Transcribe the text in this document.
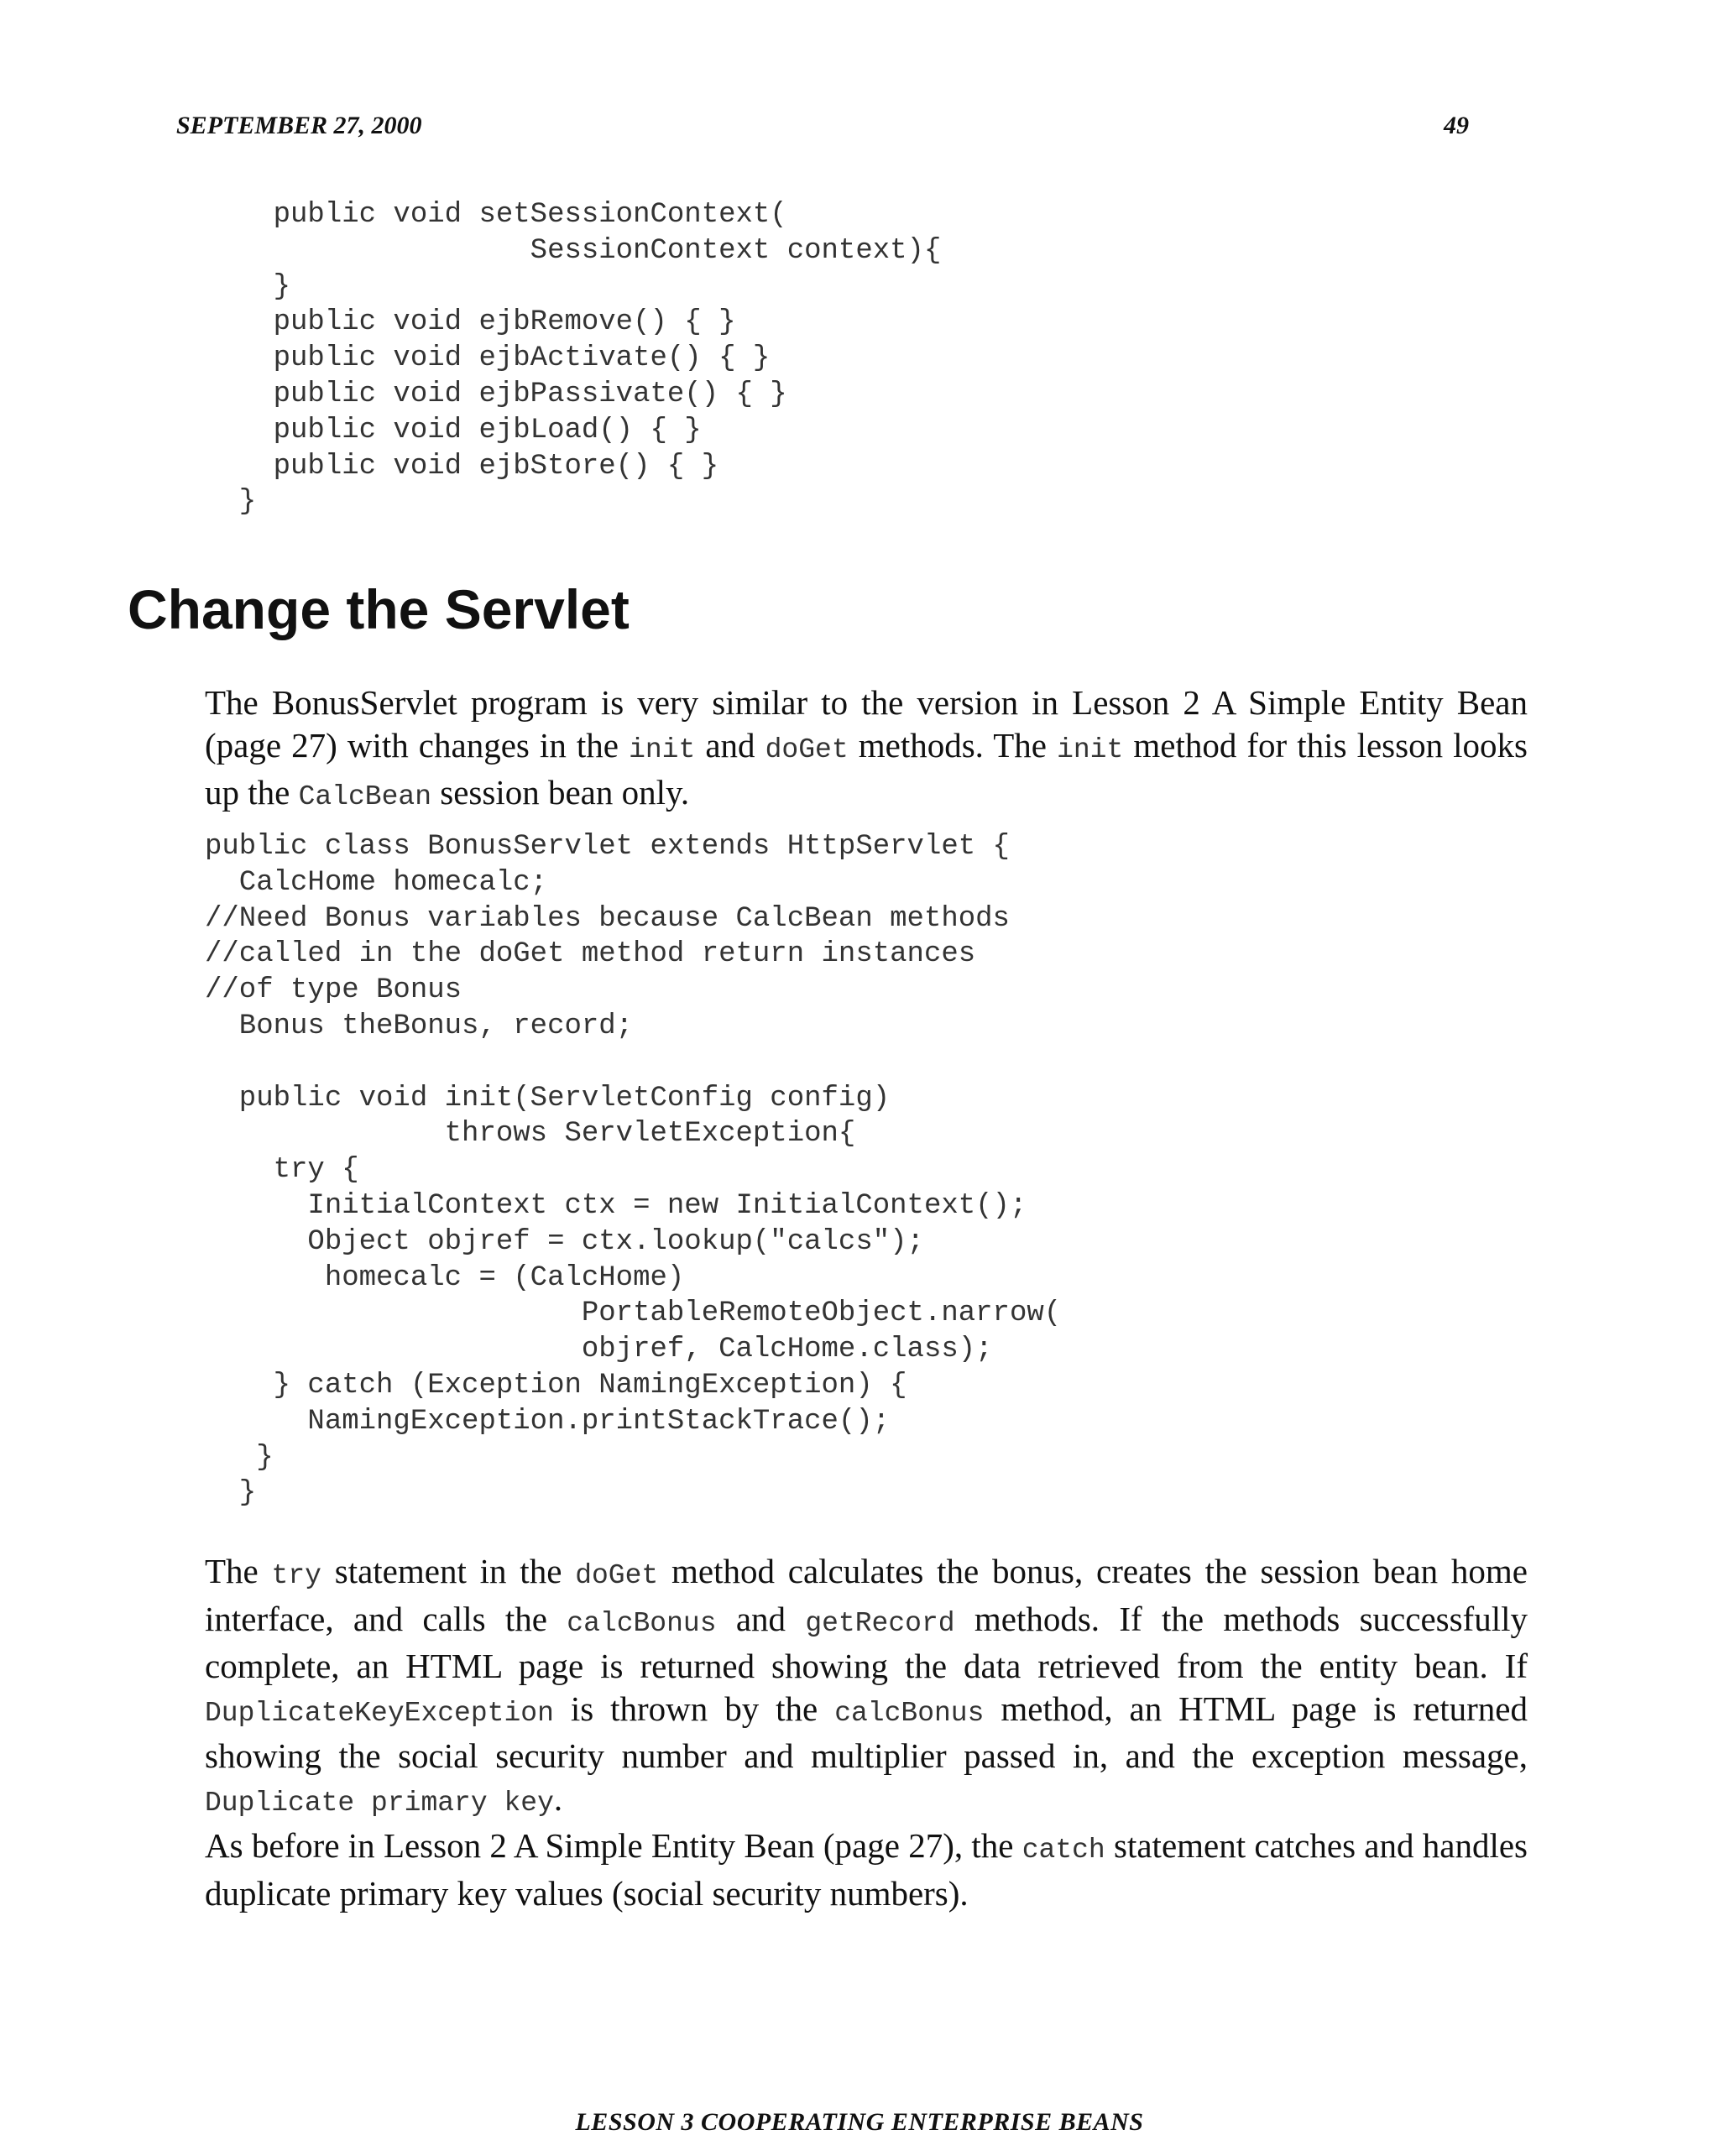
SEPTEMBER 27, 2000	49
public void setSessionContext(
SessionContext context){
}
public void ejbRemove() { }
public void ejbActivate() { }
public void ejbPassivate() { }
public void ejbLoad() { }
public void ejbStore() { }
}
Change the Servlet

The BonusServlet program is very similar to the version in Lesson 2 A Simple Entity Bean (page 27) with changes in the init and doGet methods. The init method for this lesson looks up the CalcBean session bean only.

public class BonusServlet extends HttpServlet {
CalcHome homecalc;
//Need Bonus variables because CalcBean methods
//called in the doGet method return instances
//of type Bonus
Bonus theBonus, record;

public void init(ServletConfig config)
throws ServletException{
try {
InitialContext ctx = new InitialContext();
Object objref = ctx.lookup("calcs");
homecalc = (CalcHome)
PortableRemoteObject.narrow(
objref, CalcHome.class);
} catch (Exception NamingException) {
NamingException.printStackTrace();
}
}

The try statement in the doGet method calculates the bonus, creates the session bean home interface, and calls the calcBonus and getRecord methods. If the methods successfully complete, an HTML page is returned showing the data retrieved from the entity bean. If DuplicateKeyException is thrown by the calcBonus method, an HTML page is returned showing the social security number and multiplier passed in, and the exception message, Duplicate primary key.

As before in Lesson 2 A Simple Entity Bean (page 27), the catch statement catches and handles duplicate primary key values (social security numbers).

LESSON 3 COOPERATING ENTERPRISE BEANS
